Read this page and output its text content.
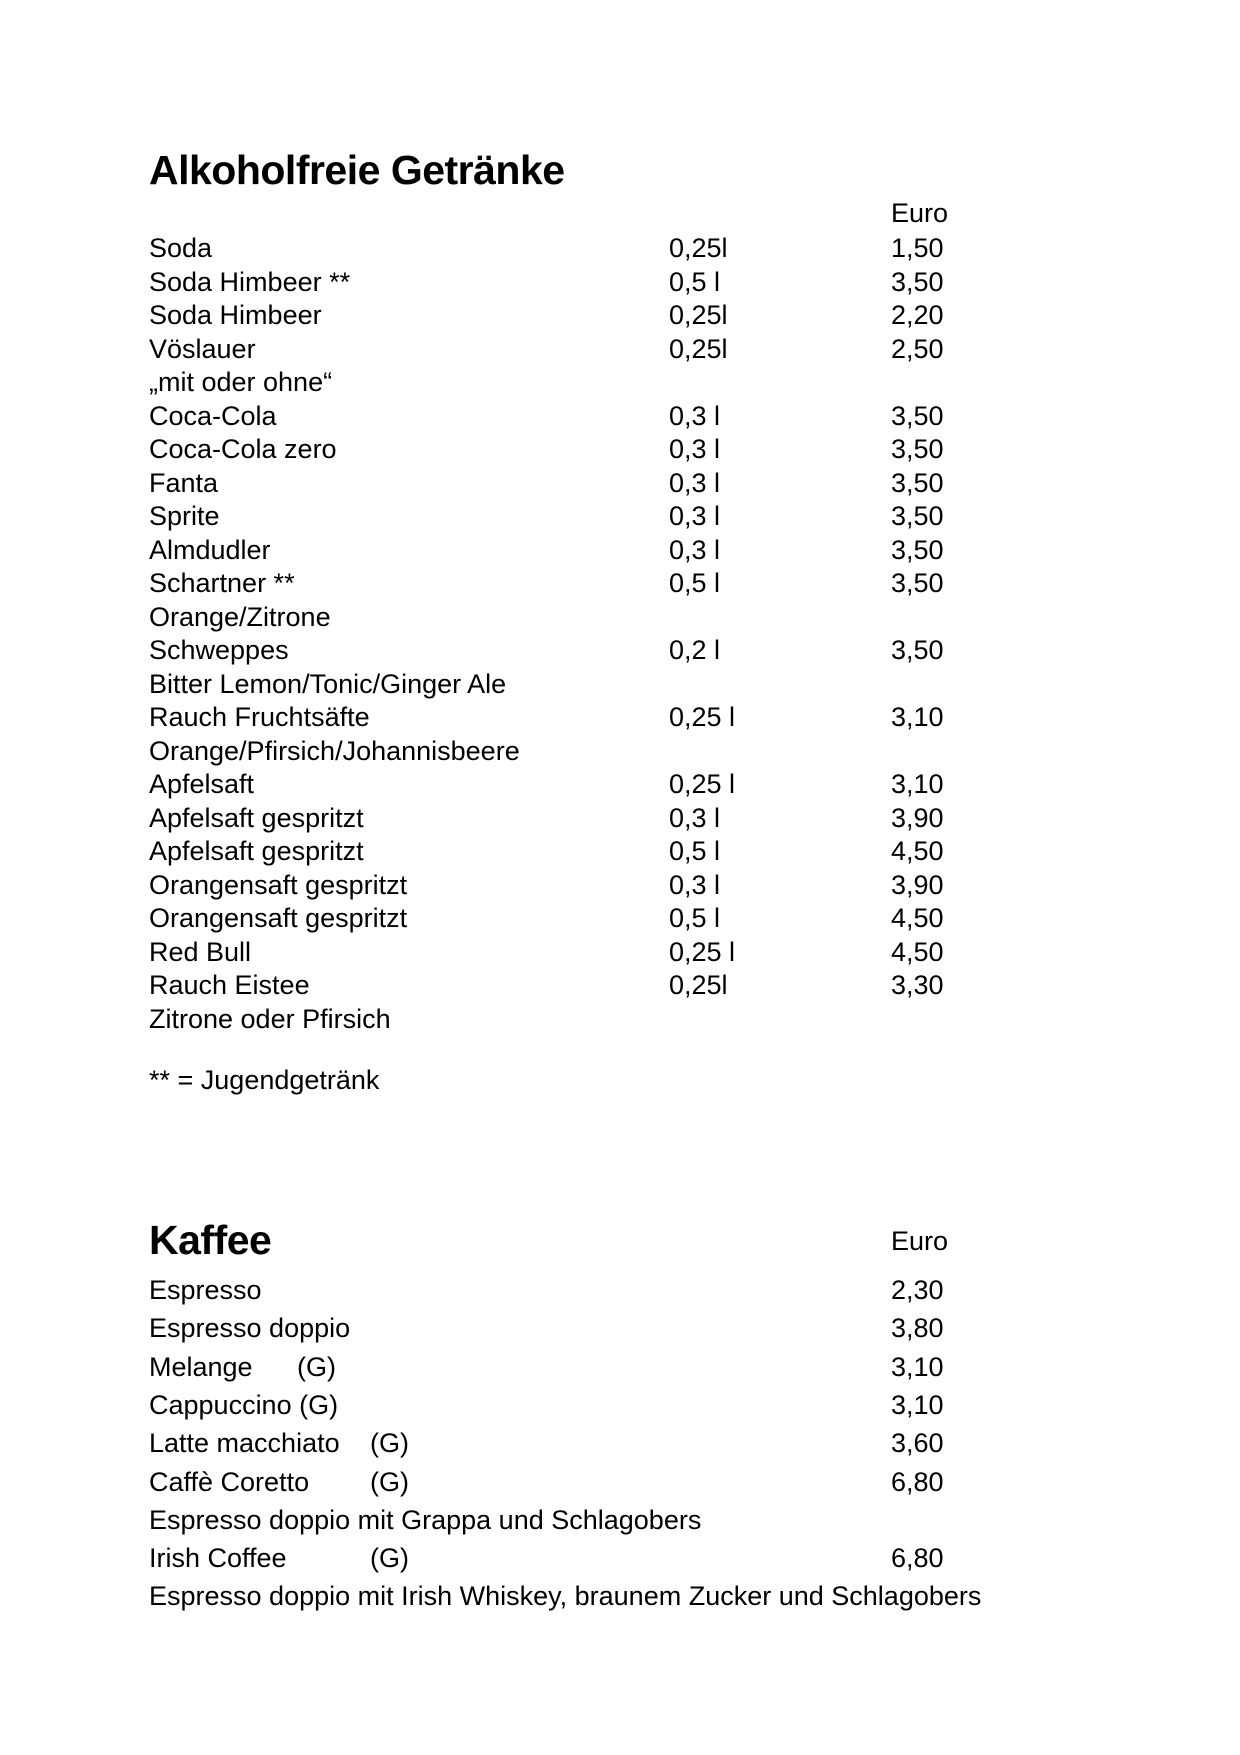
Alkoholfreie Getränke
Euro
Soda	0,25l	1,50
Soda Himbeer **	0,5 l	3,50
Soda Himbeer	0,25l	2,20
Vöslauer	0,25l	2,50
„mit oder ohne“
Coca-Cola	0,3 l	3,50
Coca-Cola zero	0,3 l	3,50
Fanta	0,3 l	3,50
Sprite	0,3 l	3,50
Almdudler	0,3 l	3,50
Schartner **	0,5 l	3,50
Orange/Zitrone
Schweppes	0,2 l	3,50
Bitter Lemon/Tonic/Ginger Ale
Rauch Fruchtsäfte	0,25 l	3,10
Orange/Pfirsich/Johannisbeere
Apfelsaft	0,25 l	3,10
Apfelsaft gespritzt	0,3 l	3,90
Apfelsaft gespritzt	0,5 l	4,50
Orangensaft gespritzt	0,3 l	3,90
Orangensaft gespritzt	0,5 l	4,50
Red Bull	0,25 l	4,50
Rauch Eistee	0,25l	3,30
Zitrone oder Pfirsich
** = Jugendgetränk
Kaffee	Euro
Espresso	2,30
Espresso doppio	3,80
Melange (G)	3,10
Cappuccino (G)	3,10
Latte macchiato (G)	3,60
Caffè Coretto (G)	6,80
Espresso doppio mit Grappa und Schlagobers
Irish Coffee	(G)	6,80
Espresso doppio mit Irish Whiskey, braunem Zucker und Schlagobers
